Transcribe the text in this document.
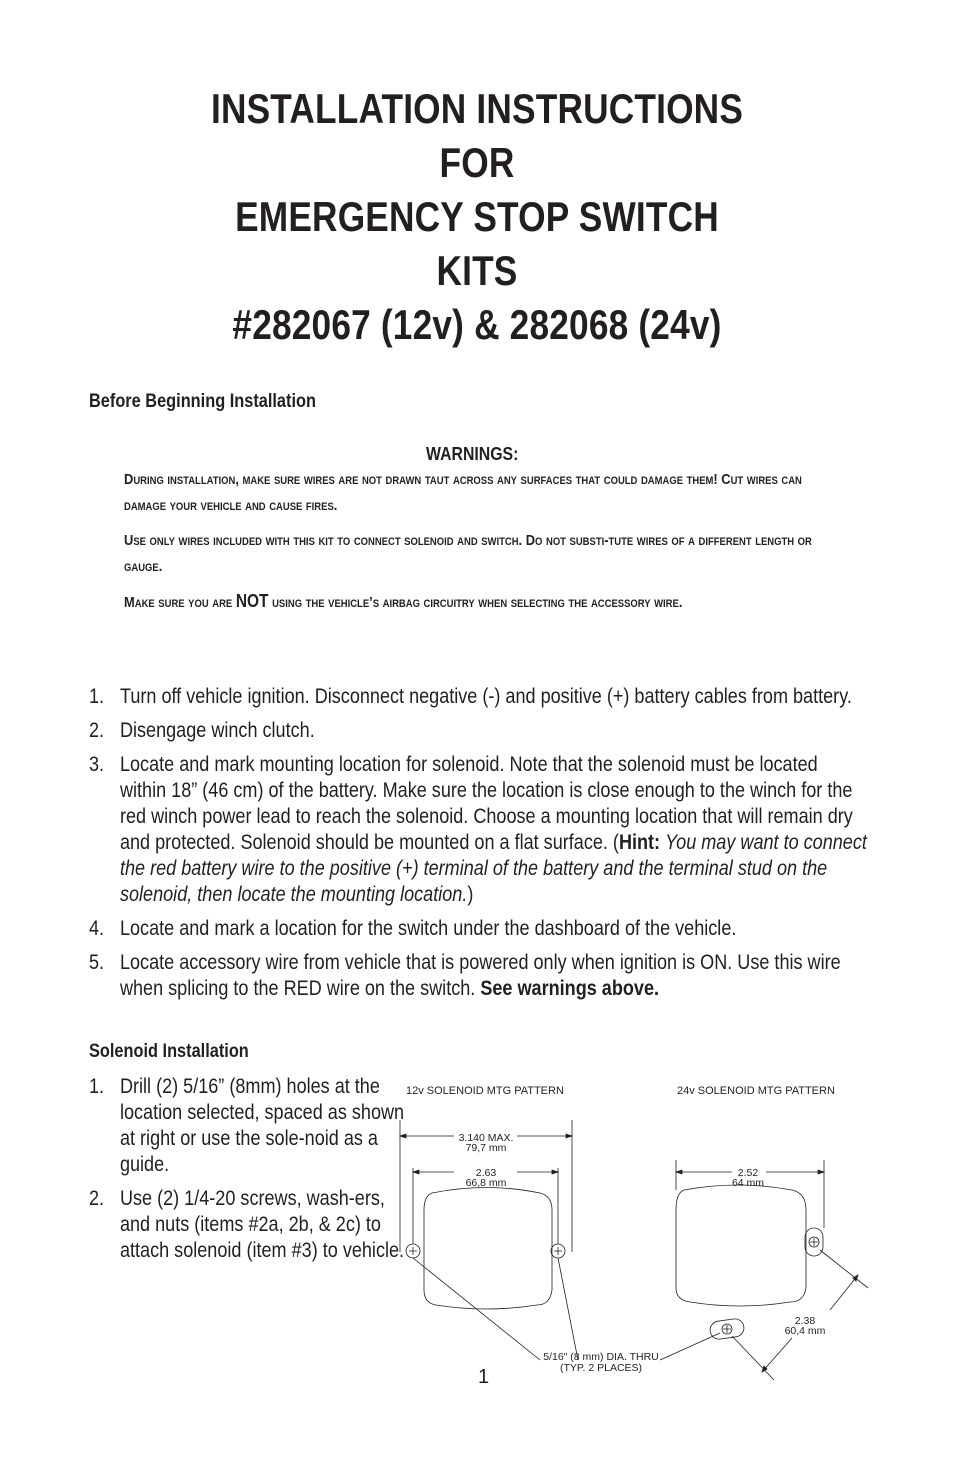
INSTALLATION INSTRUCTIONS
FOR
EMERGENCY STOP SWITCH
KITS
#282067 (12v) & 282068 (24v)
Before Beginning Installation
WARNINGS:
During installation, make sure wires are not drawn taut across any surfaces that could damage them! Cut wires can damage your vehicle and cause fires.
Use only wires included with this kit to connect solenoid and switch. Do not substi-tute wires of a different length or gauge.
Make sure you are NOT using the vehicle’s airbag circuitry when selecting the accessory wire.
1. Turn off vehicle ignition. Disconnect negative (-) and positive (+) battery cables from battery.
2. Disengage winch clutch.
3. Locate and mark mounting location for solenoid. Note that the solenoid must be located within 18” (46 cm) of the battery. Make sure the location is close enough to the winch for the red winch power lead to reach the solenoid. Choose a mounting location that will remain dry and protected. Solenoid should be mounted on a flat surface. (Hint: You may want to connect the red battery wire to the positive (+) terminal of the battery and the terminal stud on the solenoid, then locate the mounting location.)
4. Locate and mark a location for the switch under the dashboard of the vehicle.
5. Locate accessory wire from vehicle that is powered only when ignition is ON. Use this wire when splicing to the RED wire on the switch. See warnings above.
Solenoid Installation
1. Drill (2) 5/16” (8mm) holes at the location selected, spaced as shown at right or use the sole-noid as a guide.
2. Use (2) 1/4-20 screws, wash-ers, and nuts (items #2a, 2b, & 2c) to attach solenoid (item #3) to vehicle.
12v SOLENOID MTG PATTERN	24v SOLENOID MTG PATTERN
3.140 MAX.
79,7 mm
2.63
66,8 mm
2.52
64 mm
2.38
60,4 mm
5/16" (8 mm) DIA. THRU
(TYP. 2 PLACES)
1
